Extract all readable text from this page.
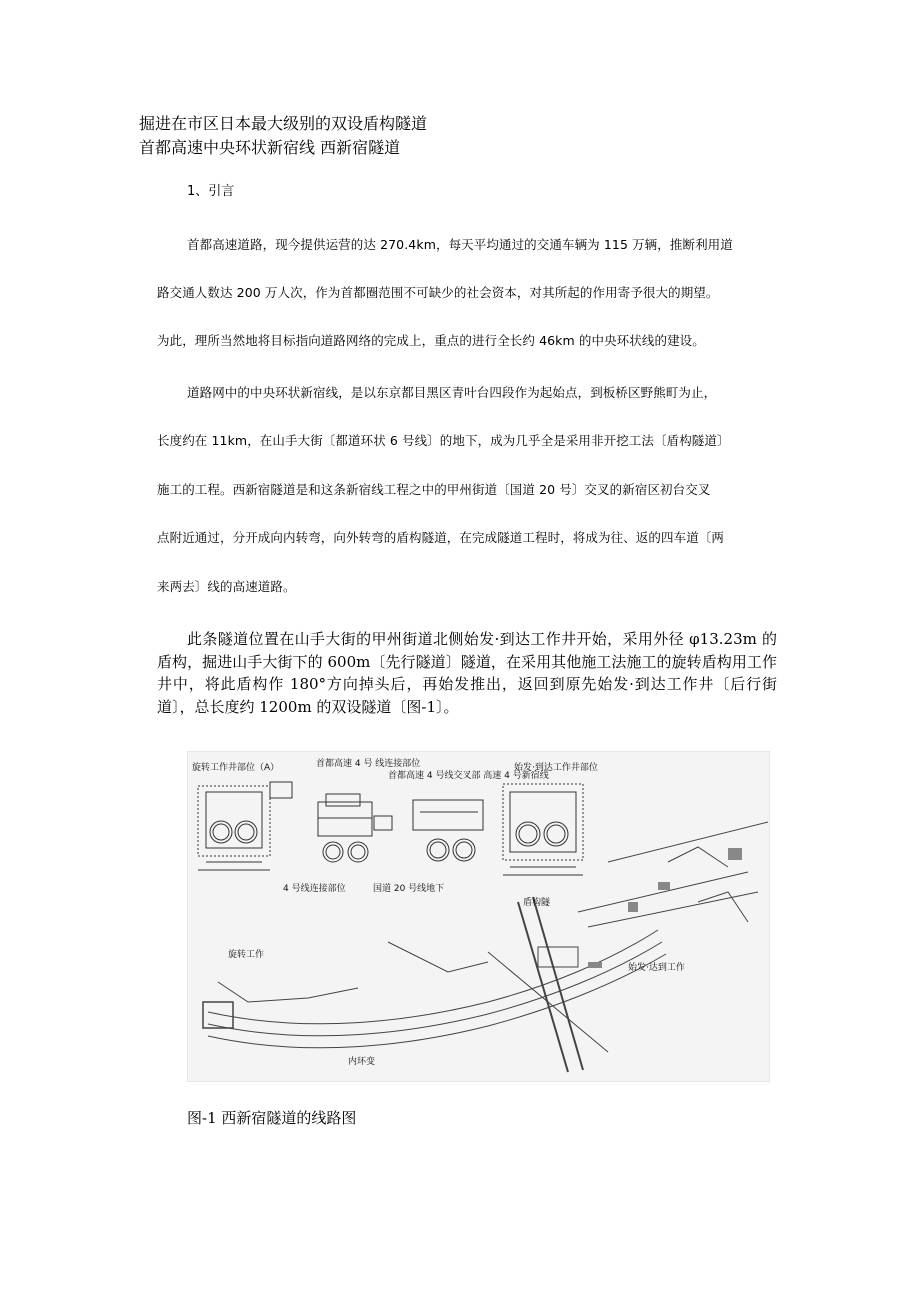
掘进在市区日本最大级别的双设盾构隧道
首都高速中央环状新宿线 西新宿隧道
1、引言
首都高速道路，现今提供运营的达 270.4km，每天平均通过的交通车辆为 115 万辆，推断利用道
路交通人数达 200 万人次，作为首都圈范围不可缺少的社会资本，对其所起的作用寄予很大的期望。
为此，理所当然地将目标指向道路网络的完成上，重点的进行全长约 46km 的中央环状线的建设。
道路网中的中央环状新宿线，是以东京都目黑区青叶台四段作为起始点，到板桥区野熊町为止，
长度约在 11km，在山手大街〔都道环状 6 号线〕的地下，成为几乎全是采用非开挖工法〔盾构隧道〕
施工的工程。西新宿隧道是和这条新宿线工程之中的甲州街道〔国道 20 号〕交叉的新宿区初台交叉
点附近通过，分开成向内转弯，向外转弯的盾构隧道，在完成隧道工程时，将成为往、返的四车道〔两
来两去〕线的高速道路。
此条隧道位置在山手大街的甲州街道北侧始发·到达工作井开始，采用外径 φ13.23m 的盾构，掘进山手大街下的 600m〔先行隧道〕隧道，在采用其他施工法施工的旋转盾构用工作井中，将此盾构作 180°方向掉头后，再始发推出，返回到原先始发·到达工作井〔后行街道〕，总长度约 1200m 的双设隧道〔图-1〕。
旋转工作井部位（A）	首都高速 4 号 线连接部位
首都高速 4 号线交叉部 高速 4 号新宿线
始发·到达工作井部位
4 号线连接部位	国道 20 号线地下
盾构隧
旋转工作
始发·达到工作
内环变
图-1 西新宿隧道的线路图
